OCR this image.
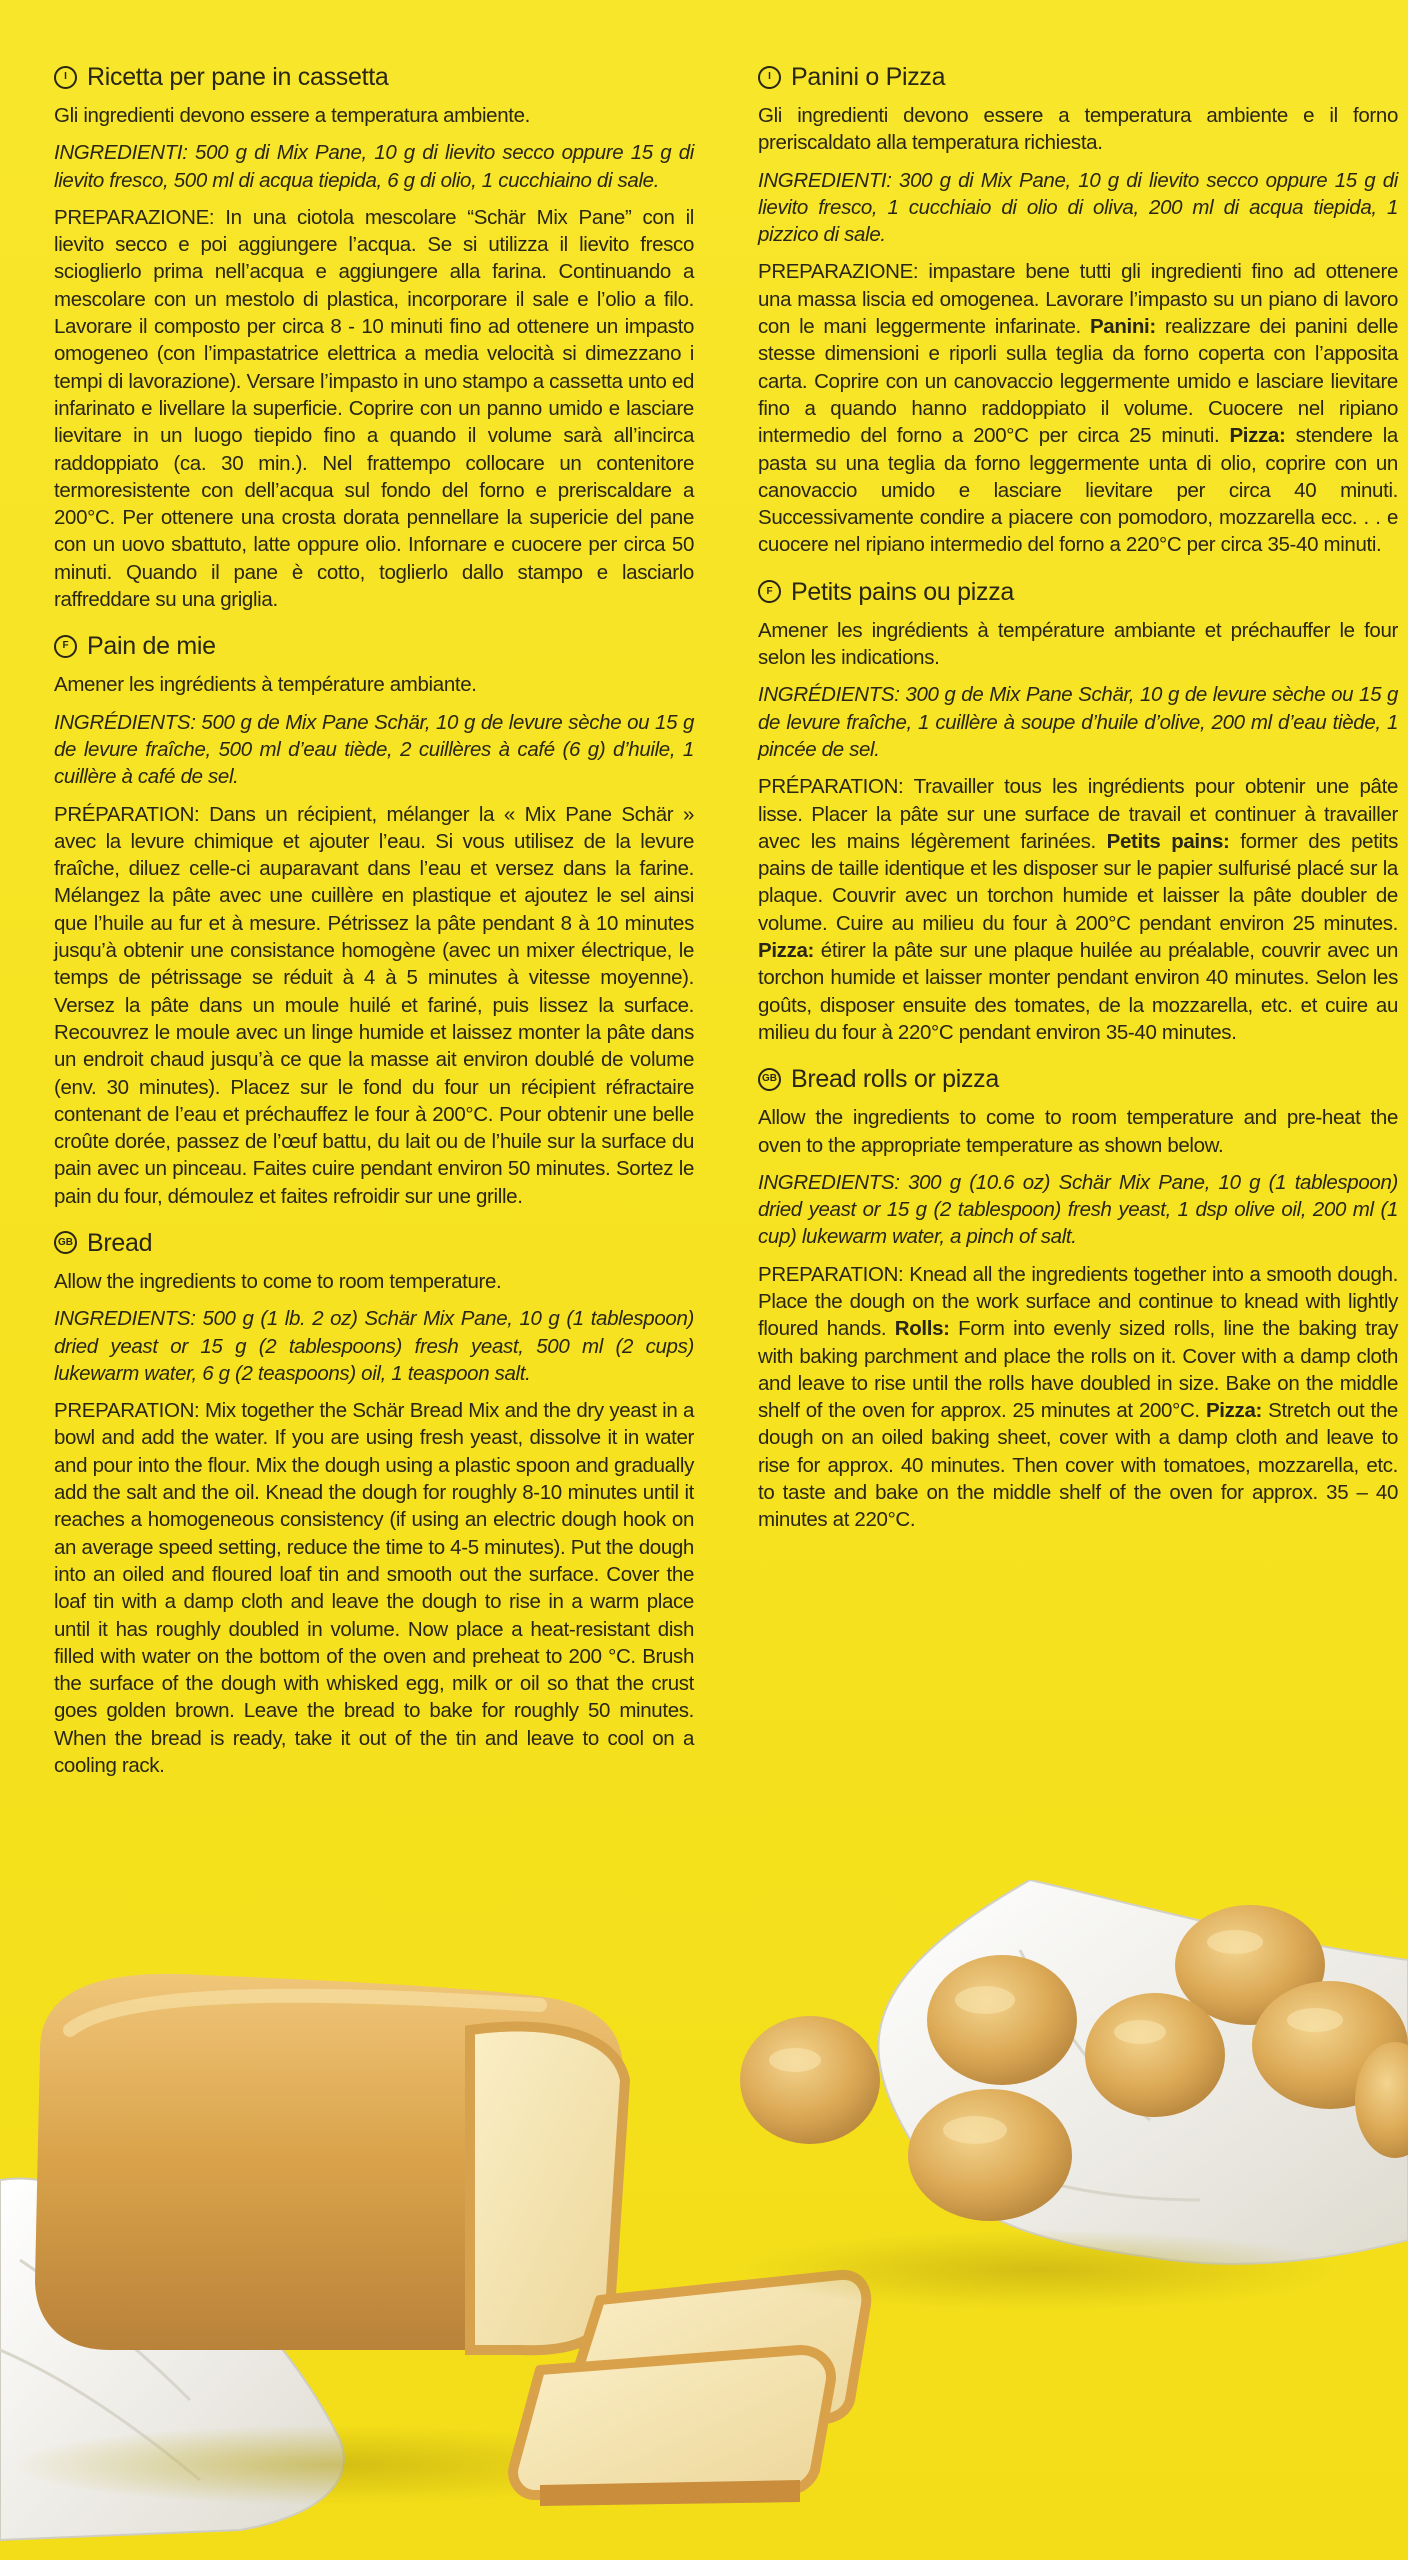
I Ricetta per pane in cassetta

Gli ingredienti devono essere a temperatura ambiente.

INGREDIENTI: 500 g di Mix Pane, 10 g di lievito secco oppure 15 g di lievito fresco, 500 ml di acqua tiepida, 6 g di olio, 1 cucchiaino di sale.

PREPARAZIONE: In una ciotola mescolare “Schär Mix Pane” con il lievito secco e poi aggiungere l’acqua. Se si utilizza il lievito fresco scioglierlo prima nell’acqua e aggiungere alla farina. Continuando a mescolare con un mestolo di plastica, incorporare il sale e l’olio a filo. Lavorare il composto per circa 8 - 10 minuti fino ad ottenere un impasto omogeneo (con l’impastatrice elettrica a media velocità si dimezzano i tempi di lavorazione). Versare l’impasto in uno stampo a cassetta unto ed infarinato e livellare la superficie. Coprire con un panno umido e lasciare lievitare in un luogo tiepido fino a quando il volume sarà all’incirca raddoppiato (ca. 30 min.). Nel frattempo collocare un contenitore termoresistente con dell’acqua sul fondo del forno e preriscaldare a 200°C. Per ottenere una crosta dorata pennellare la supericie del pane con un uovo sbattuto, latte oppure olio. Infornare e cuocere per circa 50 minuti. Quando il pane è cotto, toglierlo dallo stampo e lasciarlo raffreddare su una griglia.

F Pain de mie

Amener les ingrédients à température ambiante.

INGRÉDIENTS: 500 g de Mix Pane Schär, 10 g de levure sèche ou 15 g de levure fraîche, 500 ml d’eau tiède, 2 cuillères à café (6 g) d’huile, 1 cuillère à café de sel.

PRÉPARATION: Dans un récipient, mélanger la « Mix Pane Schär » avec la levure chimique et ajouter l’eau. Si vous utilisez de la levure fraîche, diluez celle-ci auparavant dans l’eau et versez dans la farine. Mélangez la pâte avec une cuillère en plastique et ajoutez le sel ainsi que l’huile au fur et à mesure. Pétrissez la pâte pendant 8 à 10 minutes jusqu’à obtenir une consistance homogène (avec un mixer électrique, le temps de pétrissage se réduit à 4 à 5 minutes à vitesse moyenne). Versez la pâte dans un moule huilé et fariné, puis lissez la surface. Recouvrez le moule avec un linge humide et laissez monter la pâte dans un endroit chaud jusqu’à ce que la masse ait environ doublé de volume (env. 30 minutes). Placez sur le fond du four un récipient réfractaire contenant de l’eau et préchauffez le four à 200°C. Pour obtenir une belle croûte dorée, passez de l’œuf battu, du lait ou de l’huile sur la surface du pain avec un pinceau. Faites cuire pendant environ 50 minutes. Sortez le pain du four, démoulez et faites refroidir sur une grille.

GB Bread

Allow the ingredients to come to room temperature.

INGREDIENTS: 500 g (1 lb. 2 oz) Schär Mix Pane, 10 g (1 tablespoon) dried yeast or 15 g (2 tablespoons) fresh yeast, 500 ml (2 cups) lukewarm water, 6 g (2 teaspoons) oil, 1 teaspoon salt.

PREPARATION: Mix together the Schär Bread Mix and the dry yeast in a bowl and add the water. If you are using fresh yeast, dissolve it in water and pour into the flour. Mix the dough using a plastic spoon and gradually add the salt and the oil. Knead the dough for roughly 8-10 minutes until it reaches a homogeneous consistency (if using an electric dough hook on an average speed setting, reduce the time to 4-5 minutes). Put the dough into an oiled and floured loaf tin and smooth out the surface. Cover the loaf tin with a damp cloth and leave the dough to rise in a warm place until it has roughly doubled in volume. Now place a heat-resistant dish filled with water on the bottom of the oven and preheat to 200 °C. Brush the surface of the dough with whisked egg, milk or oil so that the crust goes golden brown. Leave the bread to bake for roughly 50 minutes. When the bread is ready, take it out of the tin and leave to cool on a cooling rack.

I Panini o Pizza

Gli ingredienti devono essere a temperatura ambiente e il forno preriscaldato alla temperatura richiesta.

INGREDIENTI: 300 g di Mix Pane, 10 g di lievito secco oppure 15 g di lievito fresco, 1 cucchiaio di olio di oliva, 200 ml di acqua tiepida, 1 pizzico di sale.

PREPARAZIONE: impastare bene tutti gli ingredienti fino ad ottenere una massa liscia ed omogenea. Lavorare l’impasto su un piano di lavoro con le mani leggermente infarinate. Panini: realizzare dei panini delle stesse dimensioni e riporli sulla teglia da forno coperta con l’apposita carta. Coprire con un canovaccio leggermente umido e lasciare lievitare fino a quando hanno raddoppiato il volume. Cuocere nel ripiano intermedio del forno a 200°C per circa 25 minuti. Pizza: stendere la pasta su una teglia da forno leggermente unta di olio, coprire con un canovaccio umido e lasciare lievitare per circa 40 minuti. Successivamente condire a piacere con pomodoro, mozzarella ecc. . . e cuocere nel ripiano intermedio del forno a 220°C per circa 35-40 minuti.

F Petits pains ou pizza

Amener les ingrédients à température ambiante et préchauffer le four selon les indications.

INGRÉDIENTS: 300 g de Mix Pane Schär, 10 g de levure sèche ou 15 g de levure fraîche, 1 cuillère à soupe d’huile d’olive, 200 ml d’eau tiède, 1 pincée de sel.

PRÉPARATION: Travailler tous les ingrédients pour obtenir une pâte lisse. Placer la pâte sur une surface de travail et continuer à travailler avec les mains légèrement farinées. Petits pains: former des petits pains de taille identique et les disposer sur le papier sulfurisé placé sur la plaque. Couvrir avec un torchon humide et laisser la pâte doubler de volume. Cuire au milieu du four à 200°C pendant environ 25 minutes. Pizza: étirer la pâte sur une plaque huilée au préalable, couvrir avec un torchon humide et laisser monter pendant environ 40 minutes. Selon les goûts, disposer ensuite des tomates, de la mozzarella, etc. et cuire au milieu du four à 220°C pendant environ 35-40 minutes.

GB Bread rolls or pizza

Allow the ingredients to come to room temperature and pre-heat the oven to the appropriate temperature as shown below.

INGREDIENTS: 300 g (10.6 oz) Schär Mix Pane, 10 g (1 tablespoon) dried yeast or 15 g (2 tablespoon) fresh yeast, 1 dsp olive oil, 200 ml (1 cup) lukewarm water, a pinch of salt.

PREPARATION: Knead all the ingredients together into a smooth dough. Place the dough on the work surface and continue to knead with lightly floured hands. Rolls: Form into evenly sized rolls, line the baking tray with baking parchment and place the rolls on it. Cover with a damp cloth and leave to rise until the rolls have doubled in size. Bake on the middle shelf of the oven for approx. 25 minutes at 200°C. Pizza: Stretch out the dough on an oiled baking sheet, cover with a damp cloth and leave to rise for approx. 40 minutes. Then cover with tomatoes, mozzarella, etc. to taste and bake on the middle shelf of the oven for approx. 35 – 40 minutes at 220°C.
